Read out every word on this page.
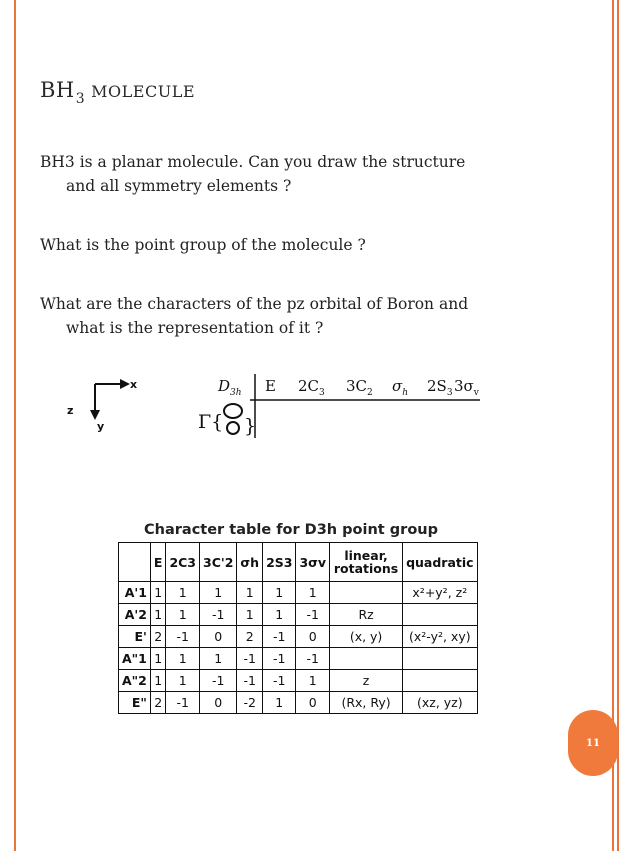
$BH_3$ MOLECULE
BH3 is a planar molecule. Can you draw the structure
and all symmetry elements ?
What is the point group of the molecule ?
What are the characters of the pz orbital of Boron and
what is the representation of it ?
x
z
y
$D_{3h}$ E $2C_3$ $3C_2$ $\sigma_h$ $2S_3$ $3\sigma_v$
Γ{ }
Character table for D3h point group
	E	2C3	3C'2	σh	2S3	3σv	linear, rotations	quadratic
A'1	1	1	1	1	1	1		x²+y², z²
A'2	1	1	-1	1	1	-1	Rz	
E'	2	-1	0	2	-1	0	(x, y)	(x²-y², xy)
A"1	1	1	1	-1	-1	-1		
A"2	1	1	-1	-1	-1	1	z	
E"	2	-1	0	-2	1	0	(Rx, Ry)	(xz, yz)
11
